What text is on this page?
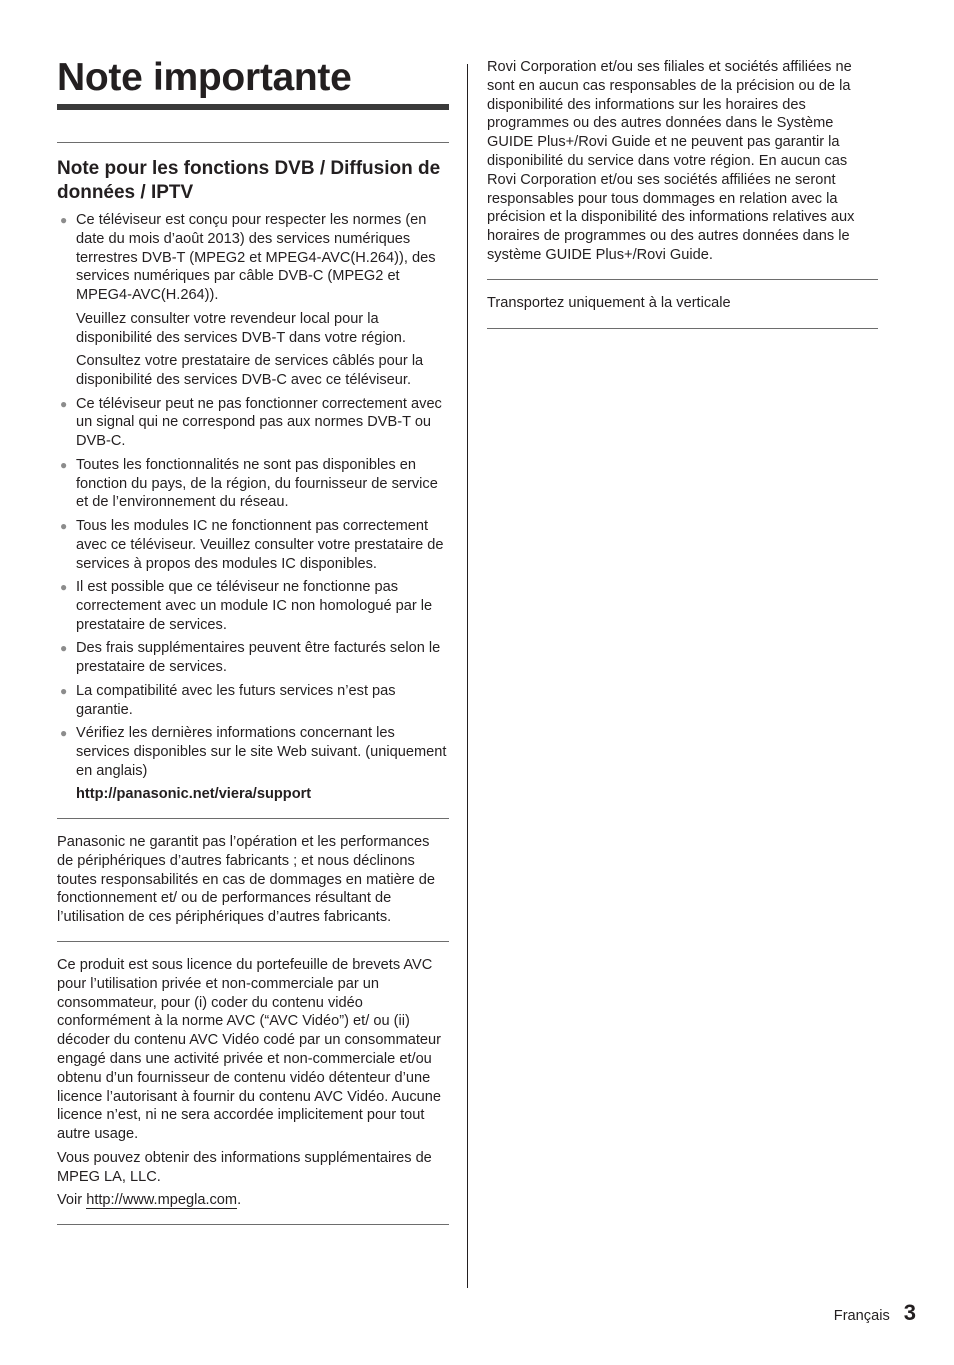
Note importante
Note pour les fonctions DVB / Diffusion de données / IPTV
● Ce téléviseur est conçu pour respecter les normes (en date du mois d’août 2013) des services numériques terrestres DVB-T (MPEG2 et MPEG4-AVC(H.264)), des services numériques par câble DVB-C (MPEG2 et MPEG4-AVC(H.264)).

Veuillez consulter votre revendeur local pour la disponibilité des services DVB-T dans votre région.

Consultez votre prestataire de services câblés pour la disponibilité des services DVB-C avec ce téléviseur.

● Ce téléviseur peut ne pas fonctionner correctement avec un signal qui ne correspond pas aux normes DVB-T ou DVB-C.
● Toutes les fonctionnalités ne sont pas disponibles en fonction du pays, de la région, du fournisseur de service et de l’environnement du réseau.
● Tous les modules IC ne fonctionnent pas correctement avec ce téléviseur. Veuillez consulter votre prestataire de services à propos des modules IC disponibles.
● Il est possible que ce téléviseur ne fonctionne pas correctement avec un module IC non homologué par le prestataire de services.
● Des frais supplémentaires peuvent être facturés selon le prestataire de services.
● La compatibilité avec les futurs services n’est pas garantie.
● Vérifiez les dernières informations concernant les services disponibles sur le site Web suivant. (uniquement en anglais)

http://panasonic.net/viera/support

Panasonic ne garantit pas l’opération et les performances de périphériques d’autres fabricants ; et nous déclinons toutes responsabilités en cas de dommages en matière de fonctionnement et/ ou de performances résultant de l’utilisation de ces périphériques d’autres fabricants.

Ce produit est sous licence du portefeuille de brevets AVC pour l’utilisation privée et non-commerciale par un consommateur, pour (i) coder du contenu vidéo conformément à la norme AVC (“AVC Vidéo”) et/ ou (ii) décoder du contenu AVC Vidéo codé par un consommateur engagé dans une activité privée et non-commerciale et/ou obtenu d’un fournisseur de contenu vidéo détenteur d’une licence l’autorisant à fournir du contenu AVC Vidéo. Aucune licence n’est, ni ne sera accordée implicitement pour tout autre usage.

Vous pouvez obtenir des informations supplémentaires de MPEG LA, LLC.

Voir http://www.mpegla.com.

Rovi Corporation et/ou ses filiales et sociétés affiliées ne sont en aucun cas responsables de la précision ou de la disponibilité des informations sur les horaires des programmes ou des autres données dans le Système GUIDE Plus+/Rovi Guide et ne peuvent pas garantir la disponibilité du service dans votre région. En aucun cas Rovi Corporation et/ou ses sociétés affiliées ne seront responsables pour tous dommages en relation avec la précision et la disponibilité des informations relatives aux horaires de programmes ou des autres données dans le système GUIDE Plus+/Rovi Guide.

Transportez uniquement à la verticale

Français 3
